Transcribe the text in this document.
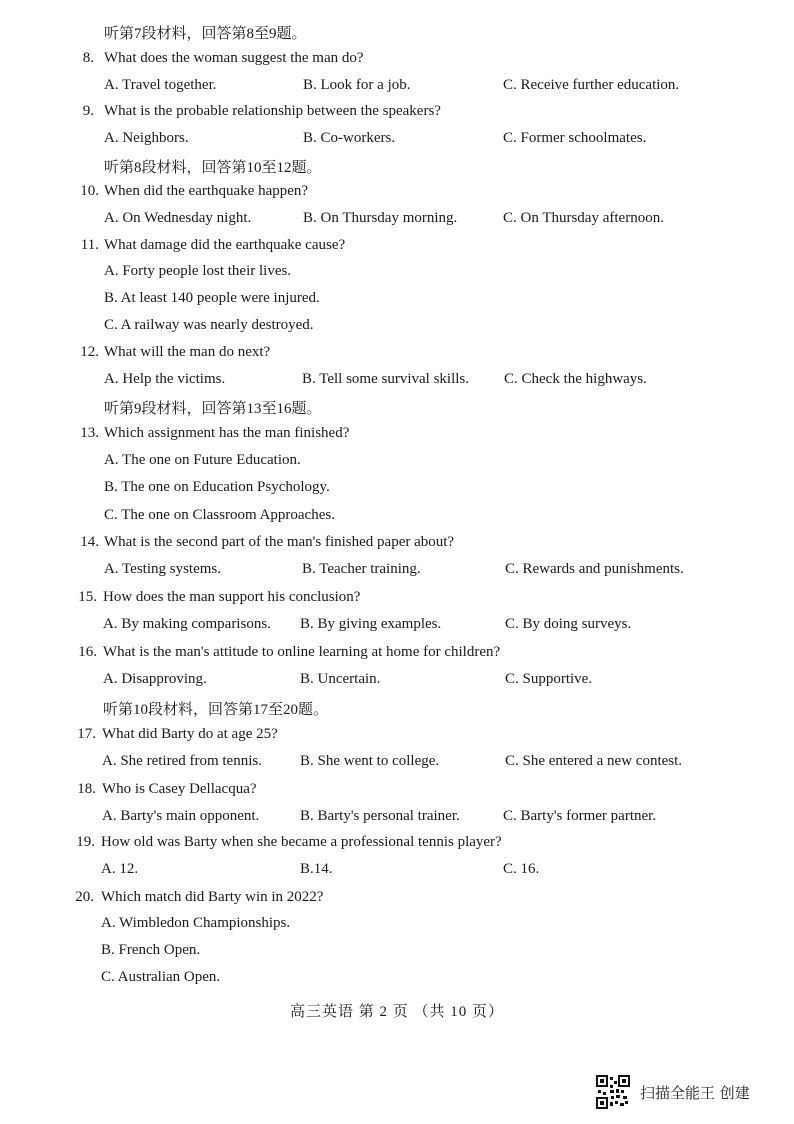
听第7段材料，回答第8至9题。
8. What does the woman suggest the man do?
A. Travel together.	B. Look for a job.	C. Receive further education.
9. What is the probable relationship between the speakers?
A. Neighbors.	B. Co-workers.	C. Former schoolmates.
听第8段材料，回答第10至12题。
10. When did the earthquake happen?
A. On Wednesday night.	B. On Thursday morning.	C. On Thursday afternoon.
11. What damage did the earthquake cause?
A. Forty people lost their lives.
B. At least 140 people were injured.
C. A railway was nearly destroyed.
12. What will the man do next?
A. Help the victims.	B. Tell some survival skills. C. Check the highways.
听第9段材料，回答第13至16题。
13. Which assignment has the man finished?
A. The one on Future Education.
B. The one on Education Psychology.
C. The one on Classroom Approaches.
14. What is the second part of the man's finished paper about?
A. Testing systems.	B. Teacher training.	C. Rewards and punishments.
15. How does the man support his conclusion?
A. By making comparisons. B. By giving examples.	C. By doing surveys.
16. What is the man's attitude to online learning at home for children?
A. Disapproving.	B. Uncertain.	C. Supportive.
听第10段材料，回答第17至20题。
17. What did Barty do at age 25?
A. She retired from tennis.	B. She went to college.	C. She entered a new contest.
18. Who is Casey Dellacqua?
A. Barty's main opponent.	B. Barty's personal trainer.	C. Barty's former partner.
19. How old was Barty when she became a professional tennis player?
A. 12.	B.14.	C. 16.
20. Which match did Barty win in 2022?
A. Wimbledon Championships.
B. French Open.
C. Australian Open.
高三英语 第 2 页 （共 10 页）
扫描全能王 创建
